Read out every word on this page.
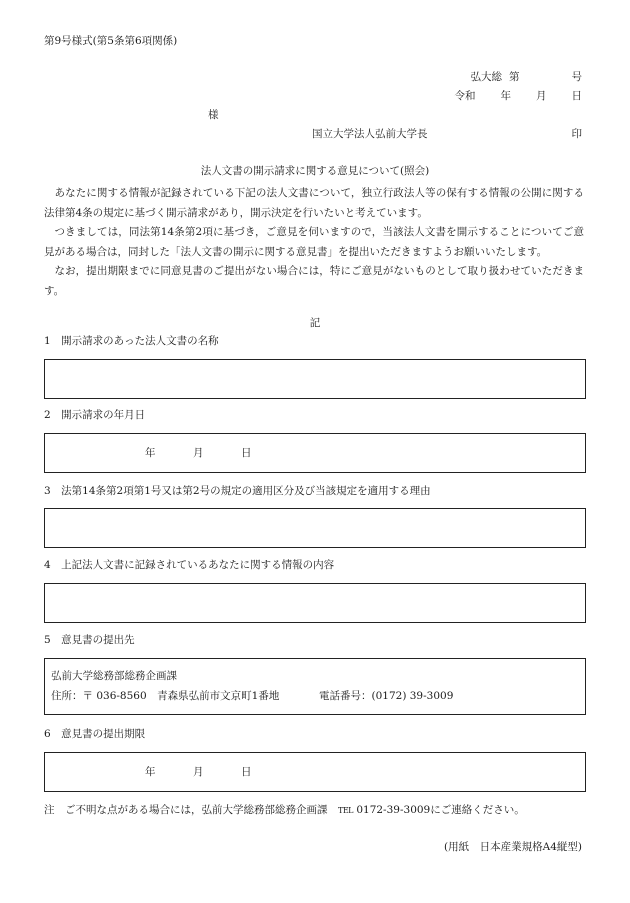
第9号様式(第5条第6項関係)
弘大総 第	号
令和 年 月 日
様
国立大学法人弘前大学長	印
法人文書の開示請求に関する意見について(照会)

あなたに関する情報が記録されている下記の法人文書について，独立行政法人等の保有する情報の公開に関する法律第4条の規定に基づく開示請求があり，開示決定を行いたいと考えています。

つきましては，同法第14条第2項に基づき，ご意見を伺いますので，当該法人文書を開示することについてご意見がある場合は，同封した「法人文書の開示に関する意見書」を提出いただきますようお願いいたします。

なお，提出期限までに同意見書のご提出がない場合には，特にご意見がないものとして取り扱わせていただきます。

記
1　開示請求のあった法人文書の名称
2　開示請求の年月日
年	月	日
3　法第14条第2項第1号又は第2号の規定の適用区分及び当該規定を適用する理由
4　上記法人文書に記録されているあなたに関する情報の内容
5　意見書の提出先
弘前大学総務部総務企画課
住所：〒 036-8560　青森県弘前市文京町1番地	電話番号：(0172) 39-3009
6　意見書の提出期限
年	月	日
注　ご不明な点がある場合には，弘前大学総務部総務企画課　TEL 0172-39-3009にご連絡ください。
(用紙　日本産業規格A4縦型)
